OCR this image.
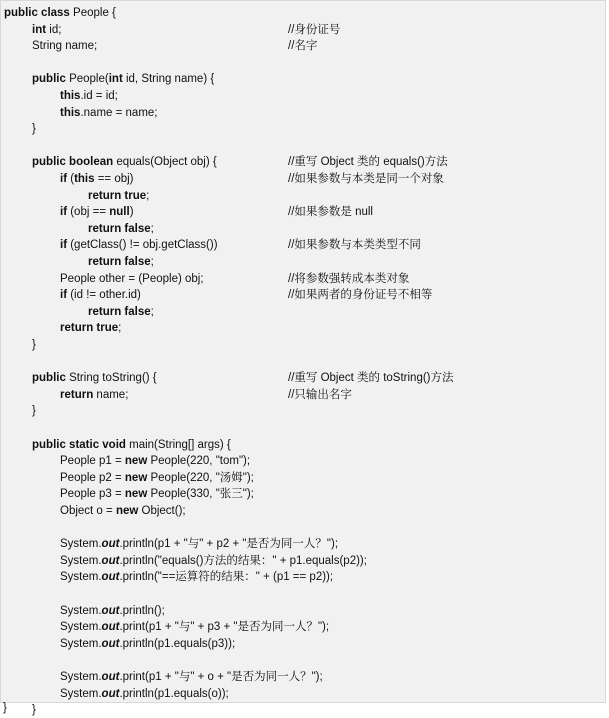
public class People {
int id;	//身份证号
String name;	//名字
public People(int id, String name) {
this.id = id;
this.name = name;
}
public boolean equals(Object obj) {	//重写 Object 类的 equals()方法
if (this == obj)	//如果参数与本类是同一个对象
return true;
if (obj == null)	//如果参数是 null
return false;
if (getClass() != obj.getClass())	//如果参数与本类类型不同
return false;
People other = (People) obj;	//将参数强转成本类对象
if (id != other.id)	//如果两者的身份证号不相等
return false;
return true;
}
public String toString() {	//重写 Object 类的 toString()方法
return name;	//只输出名字
}
public static void main(String[] args) {
People p1 = new People(220, "tom");
People p2 = new People(220, "汤姆");
People p3 = new People(330, "张三");
Object o = new Object();
System.out.println(p1 + "与" + p2 + "是否为同一人？");
System.out.println("equals()方法的结果：" + p1.equals(p2));
System.out.println("==运算符的结果：" + (p1 == p2));
System.out.println();
System.out.print(p1 + "与" + p3 + "是否为同一人？");
System.out.println(p1.equals(p3));
System.out.print(p1 + "与" + o + "是否为同一人？");
System.out.println(p1.equals(o));
}
}
